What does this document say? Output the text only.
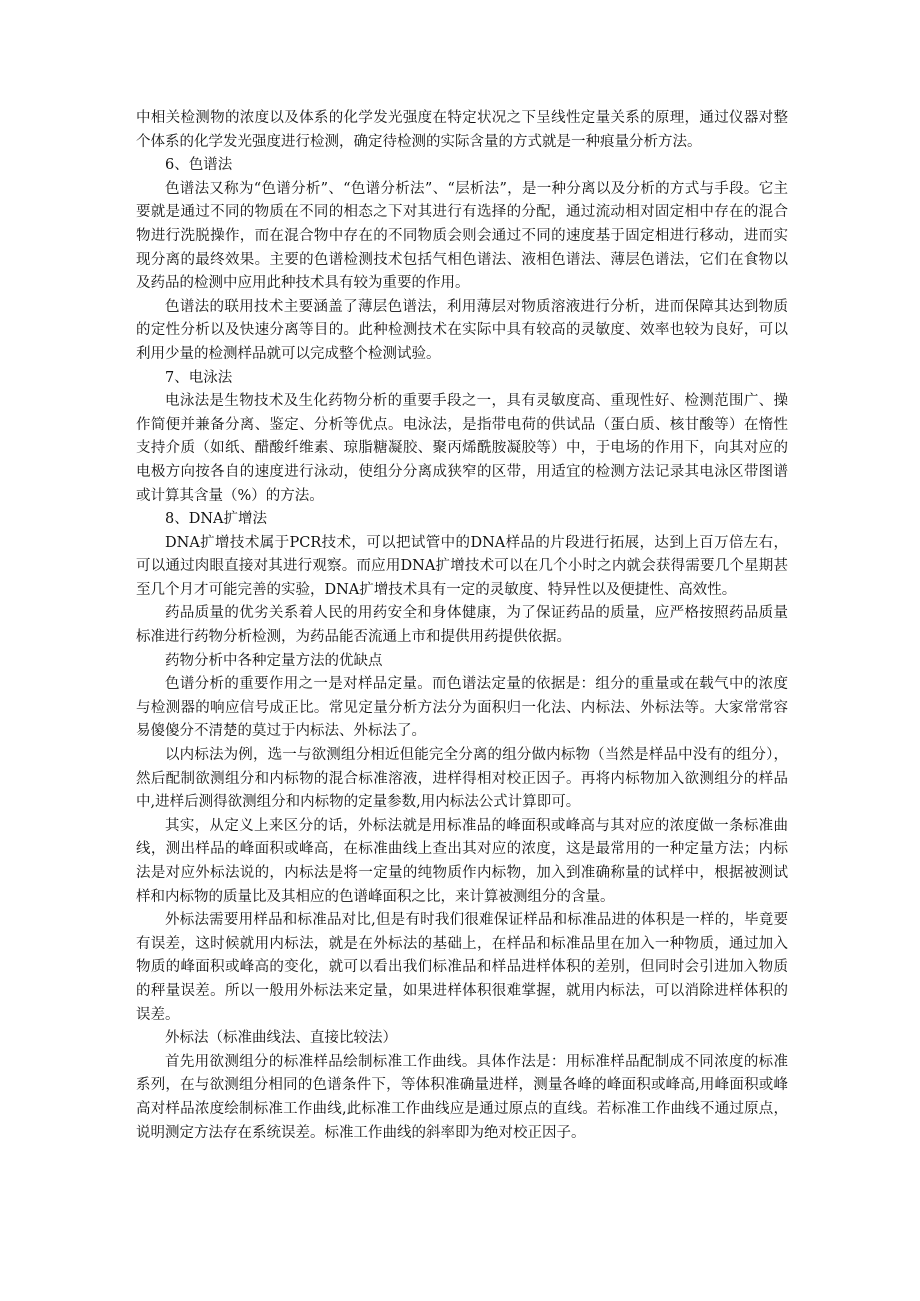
中相关检测物的浓度以及体系的化学发光强度在特定状况之下呈线性定量关系的原理，通过仪器对整个体系的化学发光强度进行检测，确定待检测的实际含量的方式就是一种痕量分析方法。

6、色谱法

色谱法又称为“色谱分析”、“色谱分析法”、“层析法”，是一种分离以及分析的方式与手段。它主要就是通过不同的物质在不同的相态之下对其进行有选择的分配，通过流动相对固定相中存在的混合物进行洗脱操作，而在混合物中存在的不同物质会则会通过不同的速度基于固定相进行移动，进而实现分离的最终效果。主要的色谱检测技术包括气相色谱法、液相色谱法、薄层色谱法，它们在食物以及药品的检测中应用此种技术具有较为重要的作用。

色谱法的联用技术主要涵盖了薄层色谱法，利用薄层对物质溶液进行分析，进而保障其达到物质的定性分析以及快速分离等目的。此种检测技术在实际中具有较高的灵敏度、效率也较为良好，可以利用少量的检测样品就可以完成整个检测试验。

7、电泳法

电泳法是生物技术及生化药物分析的重要手段之一，具有灵敏度高、重现性好、检测范围广、操作简便并兼备分离、鉴定、分析等优点。电泳法，是指带电荷的供试品（蛋白质、核甘酸等）在惰性支持介质（如纸、醋酸纤维素、琼脂糖凝胶、聚丙烯酰胺凝胶等）中，于电场的作用下，向其对应的电极方向按各自的速度进行泳动，使组分分离成狭窄的区带，用适宜的检测方法记录其电泳区带图谱或计算其含量（%）的方法。

8、DNA扩增法

DNA扩增技术属于PCR技术，可以把试管中的DNA样品的片段进行拓展，达到上百万倍左右，可以通过肉眼直接对其进行观察。而应用DNA扩增技术可以在几个小时之内就会获得需要几个星期甚至几个月才可能完善的实验，DNA扩增技术具有一定的灵敏度、特异性以及便捷性、高效性。

药品质量的优劣关系着人民的用药安全和身体健康，为了保证药品的质量，应严格按照药品质量标准进行药物分析检测，为药品能否流通上市和提供用药提供依据。

药物分析中各种定量方法的优缺点

色谱分析的重要作用之一是对样品定量。而色谱法定量的依据是：组分的重量或在载气中的浓度与检测器的响应信号成正比。常见定量分析方法分为面积归一化法、内标法、外标法等。大家常常容易傻傻分不清楚的莫过于内标法、外标法了。

以内标法为例，选一与欲测组分相近但能完全分离的组分做内标物（当然是样品中没有的组分），然后配制欲测组分和内标物的混合标准溶液，进样得相对校正因子。再将内标物加入欲测组分的样品中,进样后测得欲测组分和内标物的定量参数,用内标法公式计算即可。

其实，从定义上来区分的话，外标法就是用标准品的峰面积或峰高与其对应的浓度做一条标准曲线，测出样品的峰面积或峰高，在标准曲线上查出其对应的浓度，这是最常用的一种定量方法；内标法是对应外标法说的，内标法是将一定量的纯物质作内标物，加入到准确称量的试样中，根据被测试样和内标物的质量比及其相应的色谱峰面积之比，来计算被测组分的含量。

外标法需要用样品和标准品对比,但是有时我们很难保证样品和标准品进的体积是一样的，毕竟要有误差，这时候就用内标法，就是在外标法的基础上，在样品和标准品里在加入一种物质，通过加入物质的峰面积或峰高的变化，就可以看出我们标准品和样品进样体积的差别，但同时会引进加入物质的秤量误差。所以一般用外标法来定量，如果进样体积很难掌握，就用内标法，可以消除进样体积的误差。

外标法（标准曲线法、直接比较法）

首先用欲测组分的标准样品绘制标准工作曲线。具体作法是：用标准样品配制成不同浓度的标准系列，在与欲测组分相同的色谱条件下，等体积准确量进样，测量各峰的峰面积或峰高,用峰面积或峰高对样品浓度绘制标准工作曲线,此标准工作曲线应是通过原点的直线。若标准工作曲线不通过原点，说明测定方法存在系统误差。标准工作曲线的斜率即为绝对校正因子。
